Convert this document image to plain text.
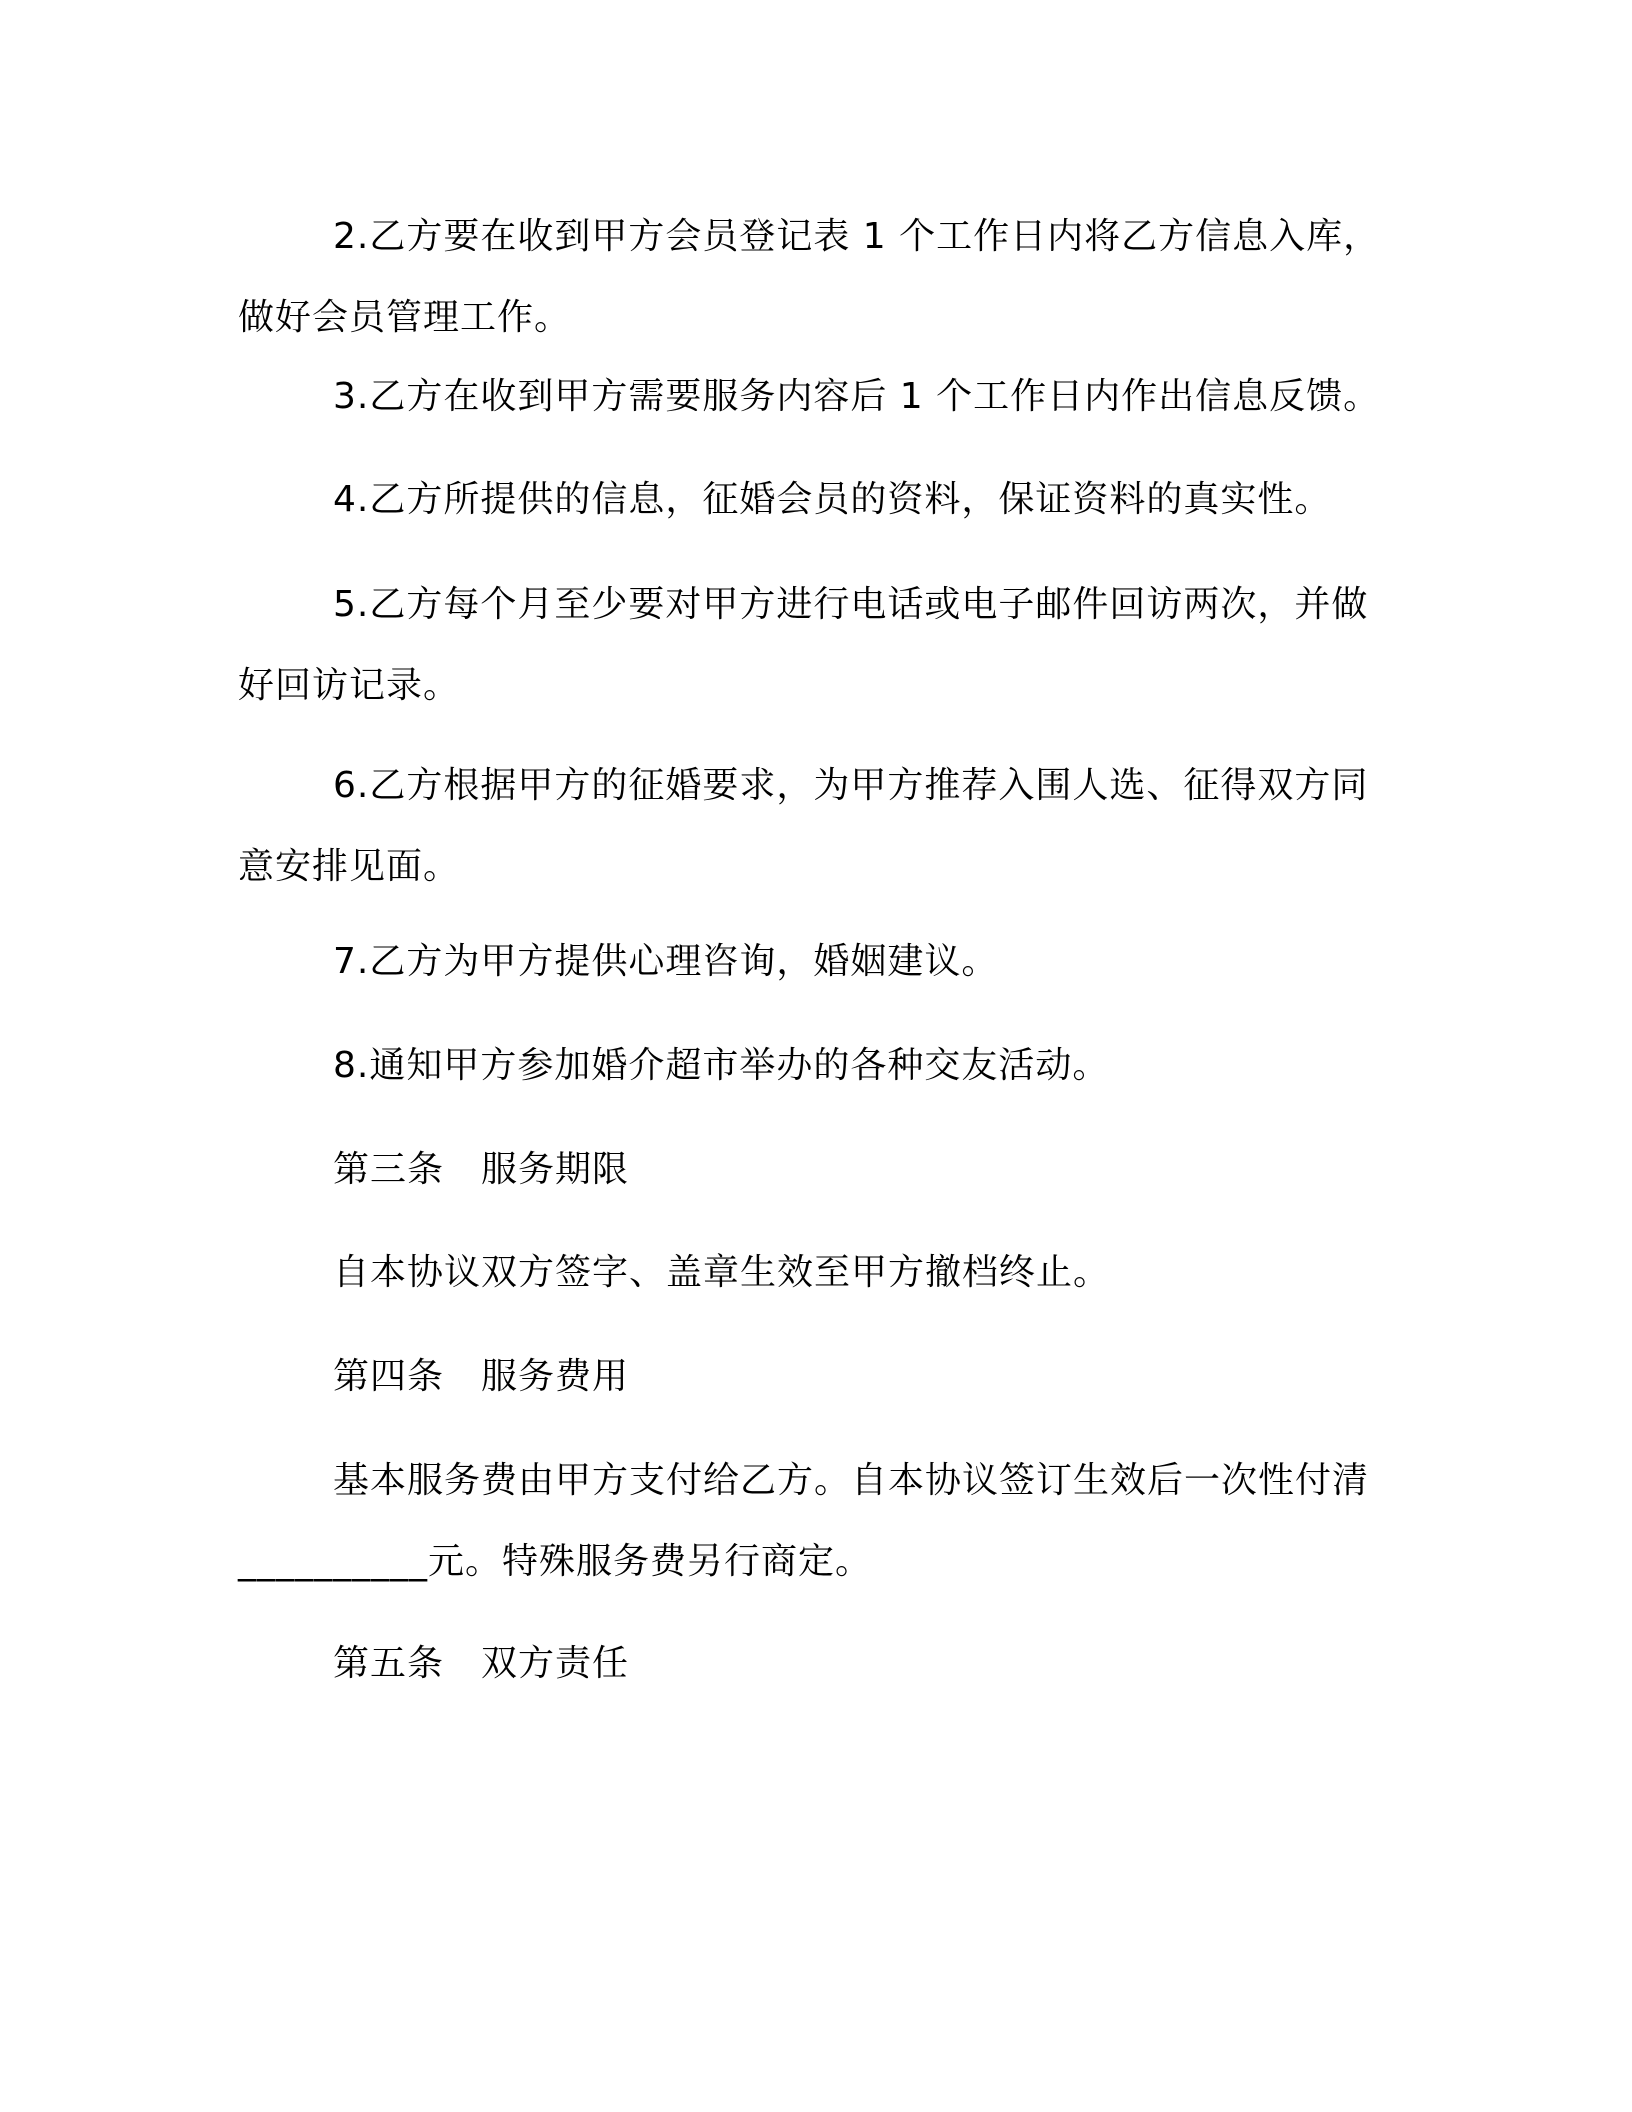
2.乙方要在收到甲方会员登记表 1 个工作日内将乙方信息入库，做好会员管理工作。

3.乙方在收到甲方需要服务内容后 1 个工作日内作出信息反馈。

4.乙方所提供的信息，征婚会员的资料，保证资料的真实性。

5.乙方每个月至少要对甲方进行电话或电子邮件回访两次，并做好回访记录。

6.乙方根据甲方的征婚要求，为甲方推荐入围人选、征得双方同意安排见面。

7.乙方为甲方提供心理咨询，婚姻建议。

8.通知甲方参加婚介超市举办的各种交友活动。

第三条　服务期限

自本协议双方签字、盖章生效至甲方撤档终止。

第四条　服务费用

基本服务费由甲方支付给乙方。自本协议签订生效后一次性付清__________元。特殊服务费另行商定。

第五条　双方责任
